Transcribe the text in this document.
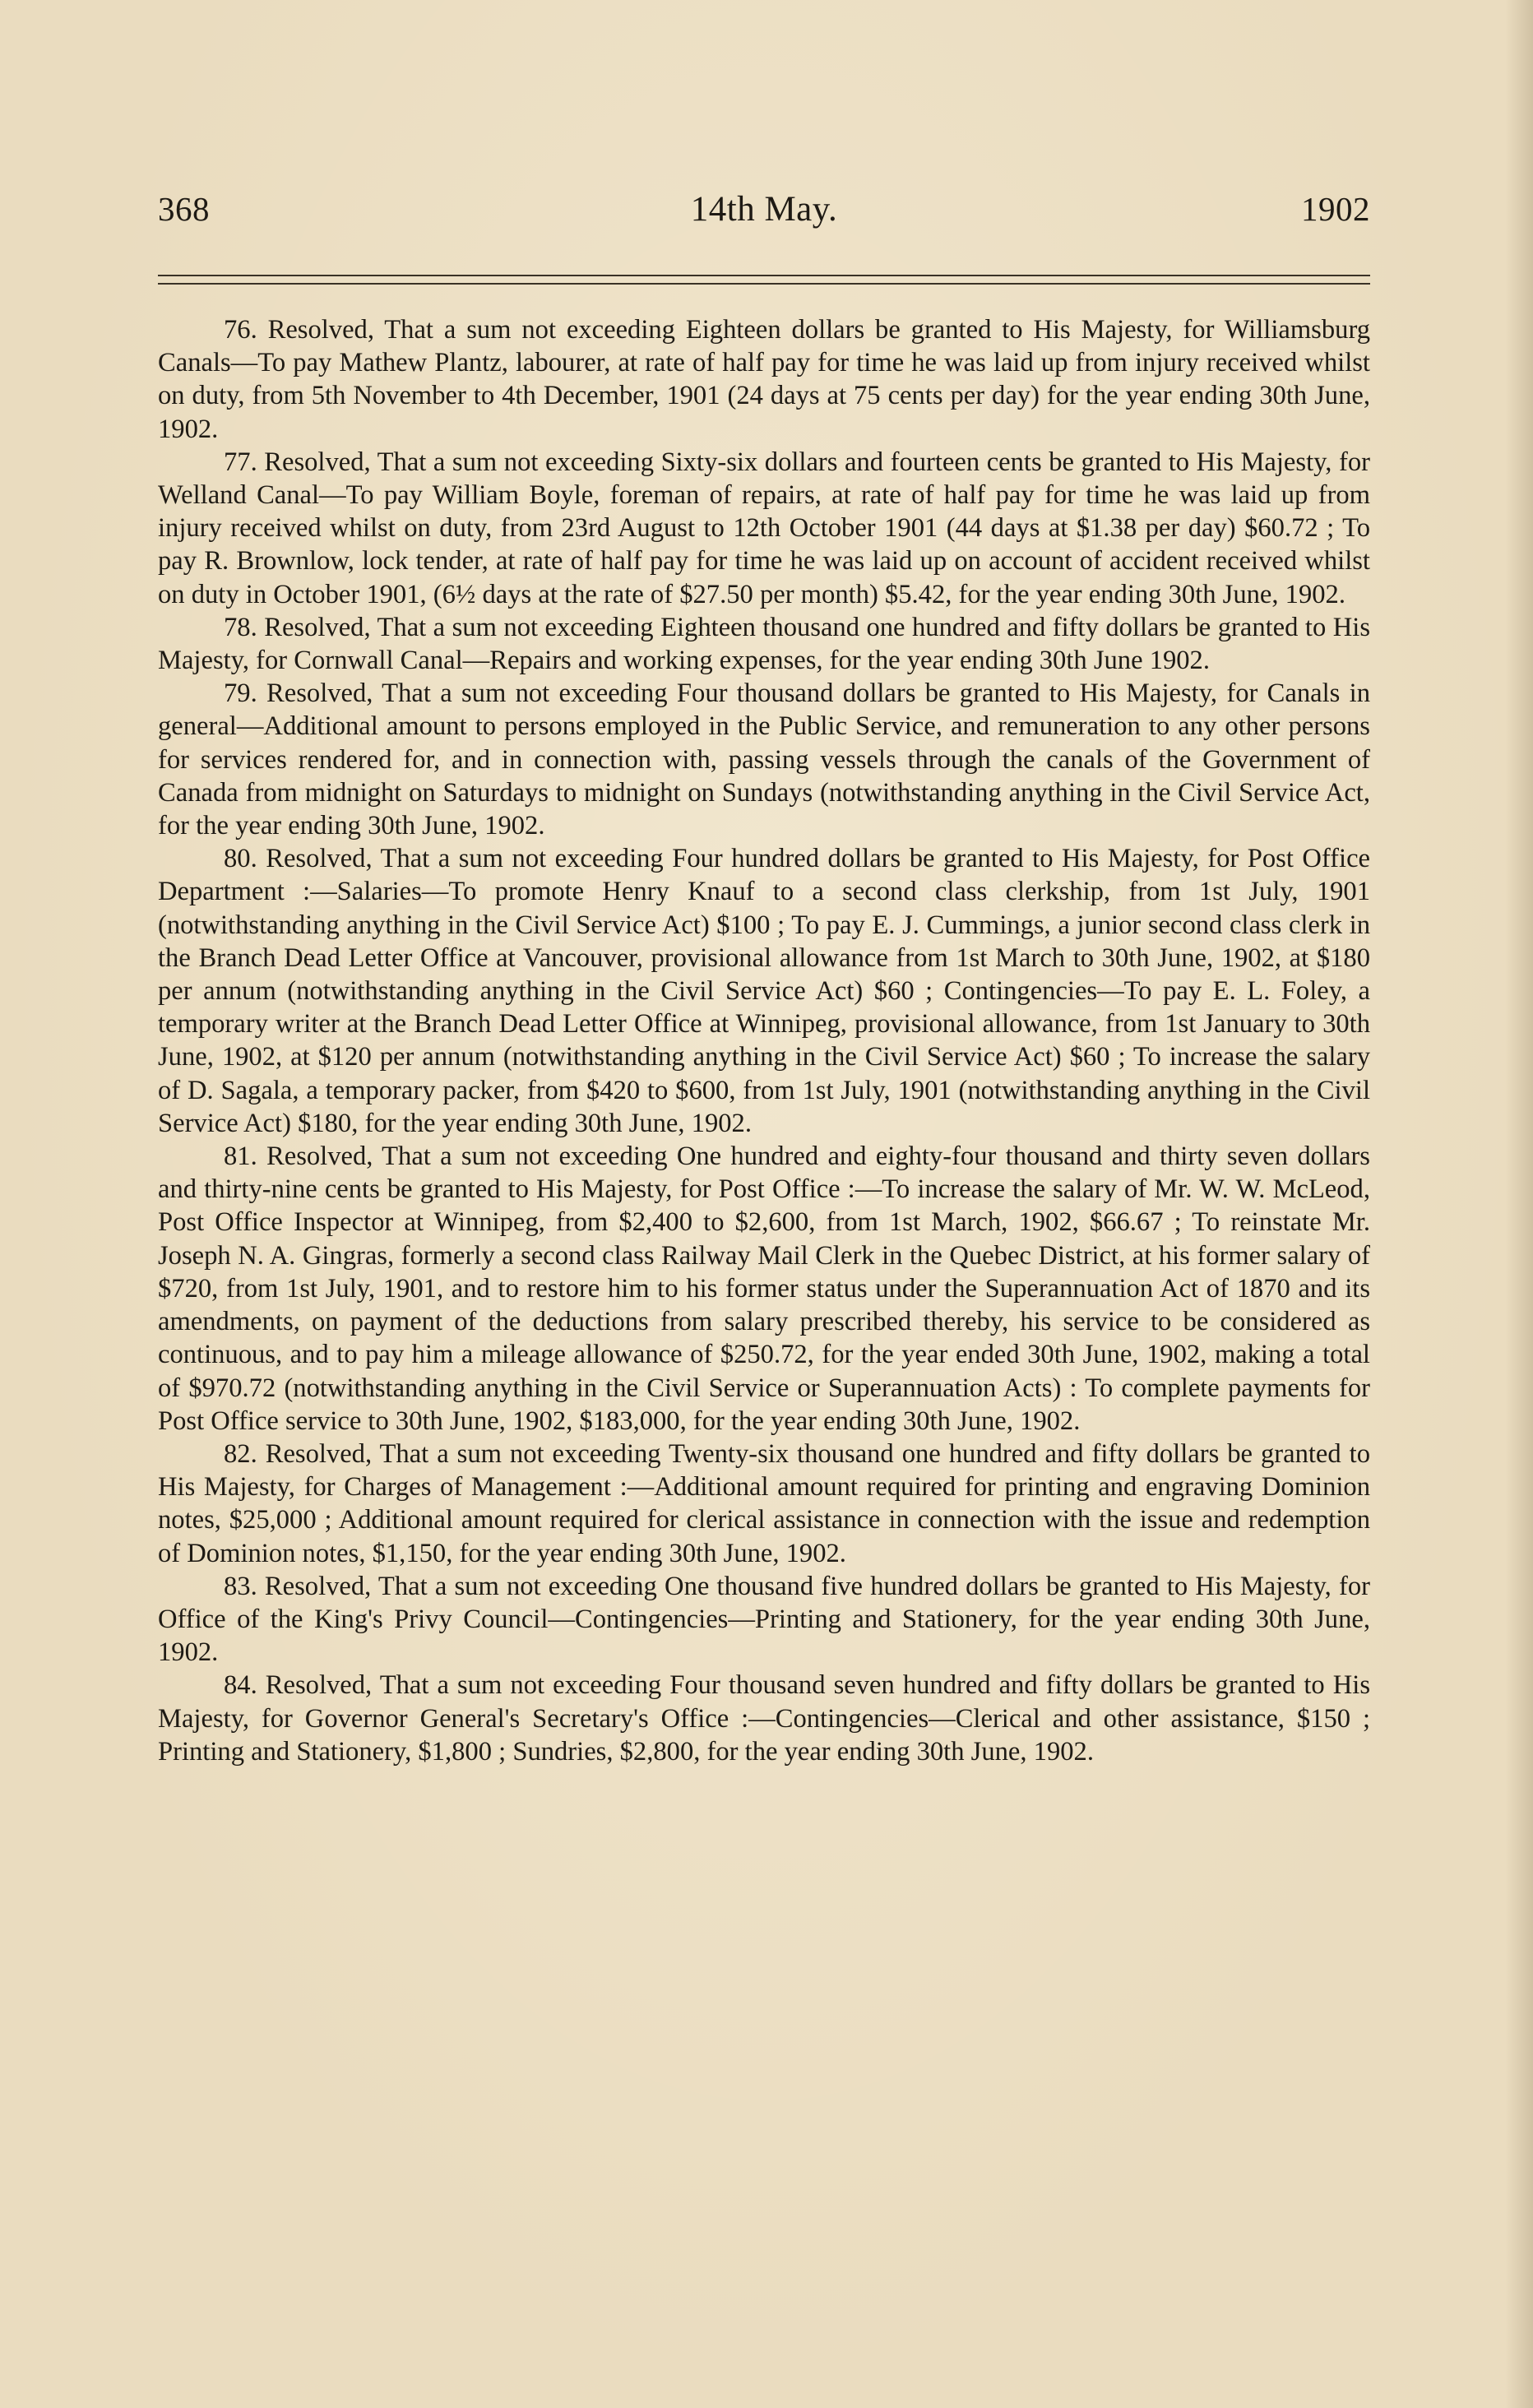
14th May.
368	1902

76. Resolved, That a sum not exceeding Eighteen dollars be granted to His Majesty, for Williamsburg Canals—To pay Mathew Plantz, labourer, at rate of half pay for time he was laid up from injury received whilst on duty, from 5th November to 4th December, 1901 (24 days at 75 cents per day) for the year ending 30th June, 1902.

77. Resolved, That a sum not exceeding Sixty-six dollars and fourteen cents be granted to His Majesty, for Welland Canal—To pay William Boyle, foreman of repairs, at rate of half pay for time he was laid up from injury received whilst on duty, from 23rd August to 12th October 1901 (44 days at $1.38 per day) $60.72 ; To pay R. Brownlow, lock tender, at rate of half pay for time he was laid up on account of accident received whilst on duty in October 1901, (6½ days at the rate of $27.50 per month) $5.42, for the year ending 30th June, 1902.

78. Resolved, That a sum not exceeding Eighteen thousand one hundred and fifty dollars be granted to His Majesty, for Cornwall Canal—Repairs and working expenses, for the year ending 30th June 1902.

79. Resolved, That a sum not exceeding Four thousand dollars be granted to His Majesty, for Canals in general—Additional amount to persons employed in the Public Service, and remuneration to any other persons for services rendered for, and in connection with, passing vessels through the canals of the Government of Canada from midnight on Saturdays to midnight on Sundays (notwithstanding anything in the Civil Service Act, for the year ending 30th June, 1902.

80. Resolved, That a sum not exceeding Four hundred dollars be granted to His Majesty, for Post Office Department :—Salaries—To promote Henry Knauf to a second class clerkship, from 1st July, 1901 (notwithstanding anything in the Civil Service Act) $100 ; To pay E. J. Cummings, a junior second class clerk in the Branch Dead Letter Office at Vancouver, provisional allowance from 1st March to 30th June, 1902, at $180 per annum (notwithstanding anything in the Civil Service Act) $60 ; Contingencies—To pay E. L. Foley, a temporary writer at the Branch Dead Letter Office at Winnipeg, provisional allowance, from 1st January to 30th June, 1902, at $120 per annum (notwithstanding anything in the Civil Service Act) $60 ; To increase the salary of D. Sagala, a temporary packer, from $420 to $600, from 1st July, 1901 (notwithstanding anything in the Civil Service Act) $180, for the year ending 30th June, 1902.

81. Resolved, That a sum not exceeding One hundred and eighty-four thousand and thirty seven dollars and thirty-nine cents be granted to His Majesty, for Post Office :—To increase the salary of Mr. W. W. McLeod, Post Office Inspector at Winnipeg, from $2,400 to $2,600, from 1st March, 1902, $66.67 ; To reinstate Mr. Joseph N. A. Gingras, formerly a second class Railway Mail Clerk in the Quebec District, at his former salary of $720, from 1st July, 1901, and to restore him to his former status under the Superannuation Act of 1870 and its amendments, on payment of the deductions from salary prescribed thereby, his service to be considered as continuous, and to pay him a mileage allowance of $250.72, for the year ended 30th June, 1902, making a total of $970.72 (notwithstanding anything in the Civil Service or Superannuation Acts) : To complete payments for Post Office service to 30th June, 1902, $183,000, for the year ending 30th June, 1902.

82. Resolved, That a sum not exceeding Twenty-six thousand one hundred and fifty dollars be granted to His Majesty, for Charges of Management :—Additional amount required for printing and engraving Dominion notes, $25,000 ; Additional amount required for clerical assistance in connection with the issue and redemption of Dominion notes, $1,150, for the year ending 30th June, 1902.

83. Resolved, That a sum not exceeding One thousand five hundred dollars be granted to His Majesty, for Office of the King's Privy Council—Contingencies—Printing and Stationery, for the year ending 30th June, 1902.

84. Resolved, That a sum not exceeding Four thousand seven hundred and fifty dollars be granted to His Majesty, for Governor General's Secretary's Office :—Contingencies—Clerical and other assistance, $150 ; Printing and Stationery, $1,800 ; Sundries, $2,800, for the year ending 30th June, 1902.
